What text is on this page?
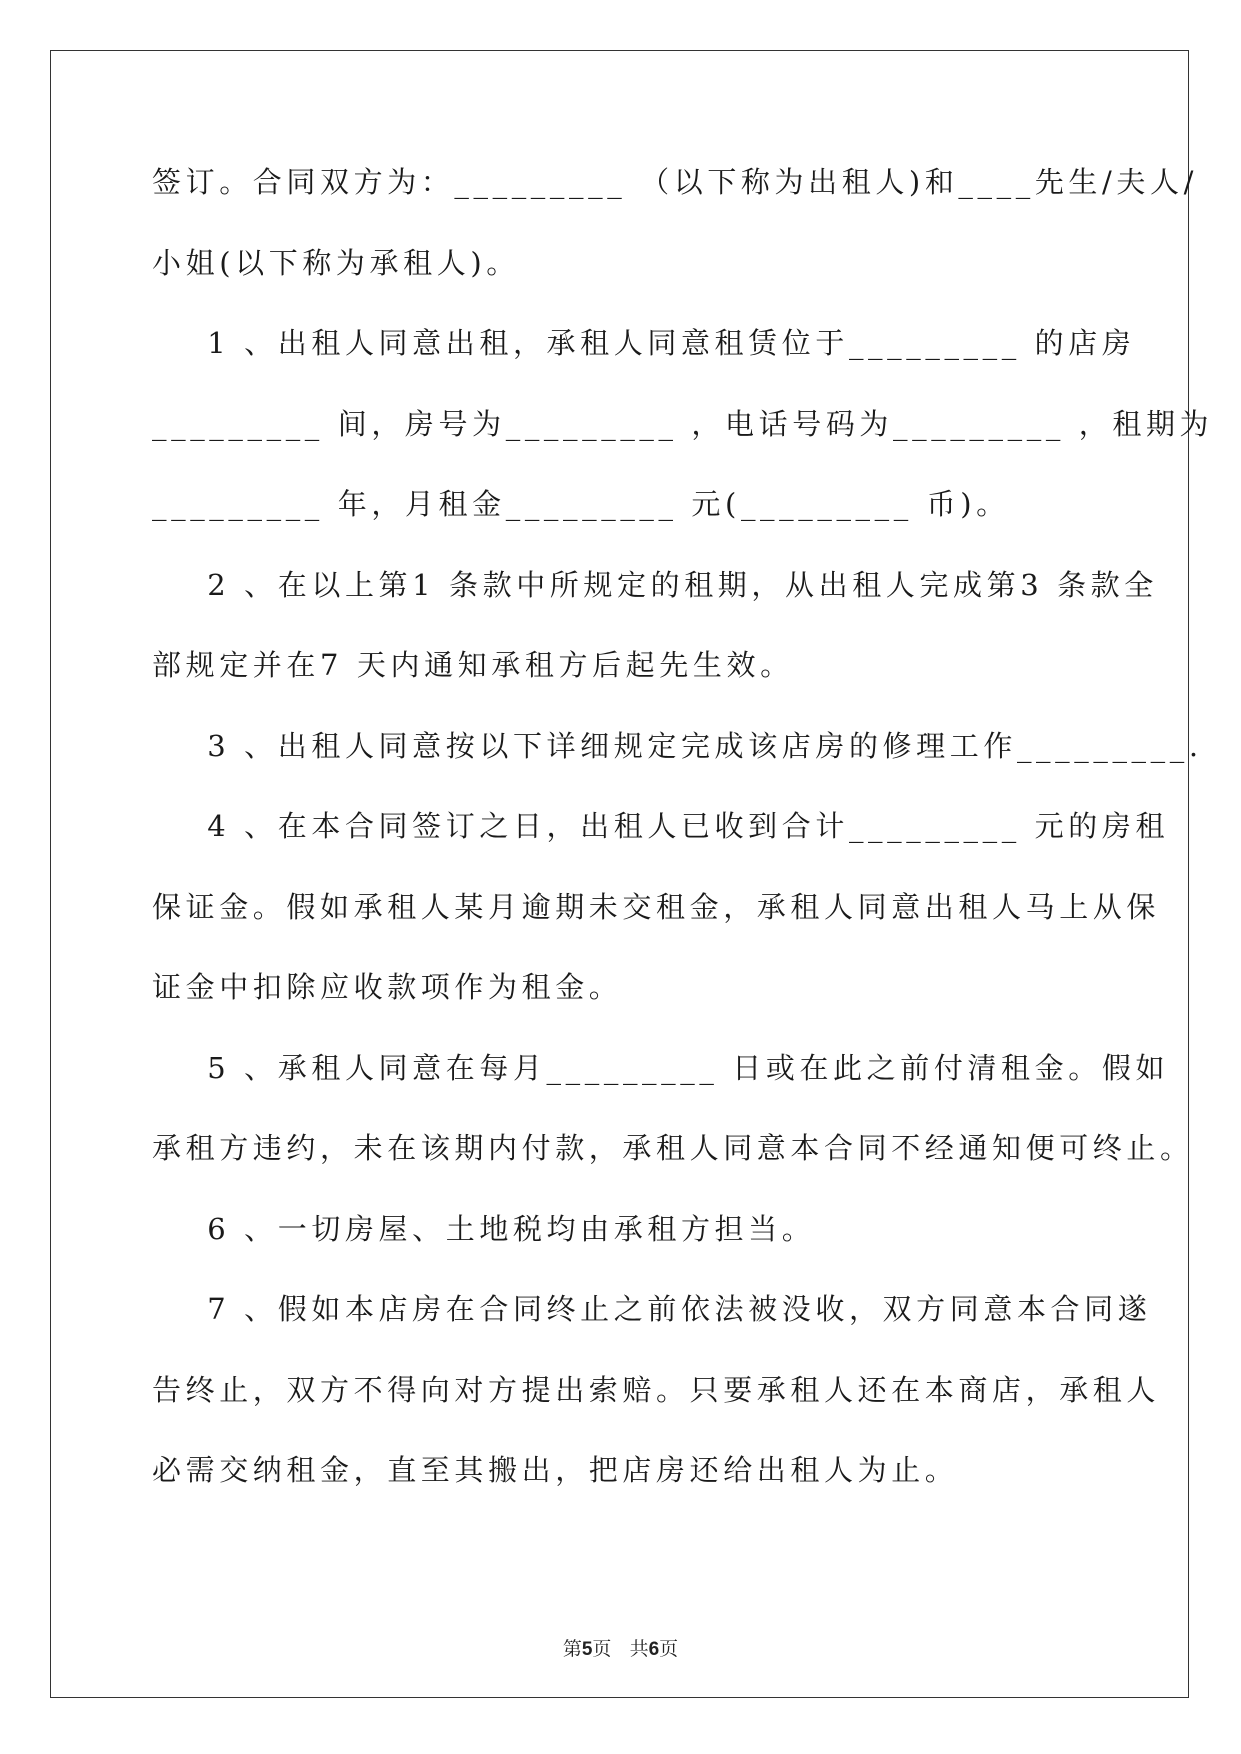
签订。合同双方为：_________ （以下称为出租人)和____先生/夫人/
小姐(以下称为承租人)。
1 、出租人同意出租，承租人同意租赁位于_________ 的店房
_________ 间，房号为_________ ，电话号码为_________ ，租期为
_________ 年，月租金_________ 元(_________ 币)。
2 、在以上第1 条款中所规定的租期，从出租人完成第3 条款全
部规定并在7 天内通知承租方后起先生效。
3 、出租人同意按以下详细规定完成该店房的修理工作_________.
4 、在本合同签订之日，出租人已收到合计_________ 元的房租
保证金。假如承租人某月逾期未交租金，承租人同意出租人马上从保
证金中扣除应收款项作为租金。
5 、承租人同意在每月_________ 日或在此之前付清租金。假如
承租方违约，未在该期内付款，承租人同意本合同不经通知便可终止。
6 、一切房屋、土地税均由承租方担当。
7 、假如本店房在合同终止之前依法被没收，双方同意本合同遂
告终止，双方不得向对方提出索赔。只要承租人还在本商店，承租人
必需交纳租金，直至其搬出，把店房还给出租人为止。
第5页 共6页
